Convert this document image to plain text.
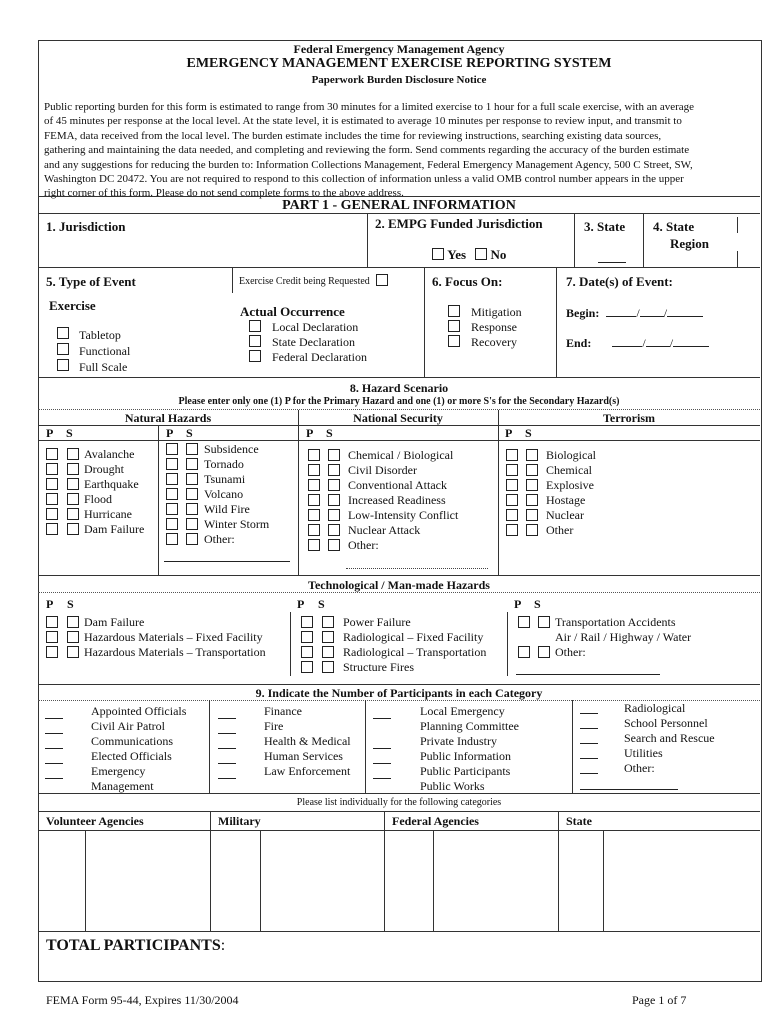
Federal Emergency Management Agency
EMERGENCY MANAGEMENT EXERCISE REPORTING SYSTEM
Paperwork Burden Disclosure Notice
Public reporting burden for this form is estimated to range from 30 minutes for a limited exercise to 1 hour for a full scale exercise, with an average
of 45 minutes per response at the local level. At the state level, it is estimated to average 10 minutes per response to review input, and transmit to
FEMA, data received from the local level. The burden estimate includes the time for reviewing instructions, searching existing data sources,
gathering and maintaining the data needed, and completing and reviewing the form. Send comments regarding the accuracy of the burden estimate
and any suggestions for reducing the burden to: Information Collections Management, Federal Emergency Management Agency, 500 C Street, SW,
Washington DC 20472. You are not required to respond to this collection of information unless a valid OMB control number appears in the upper
right corner of this form. Please do not send complete forms to the above address.
PART 1 - GENERAL INFORMATION
1. Jurisdiction	2. EMPG Funded Jurisdiction
Yes No
3. State 4. State
Region
5. Type of Event
Exercise
Tabletop
Functional
Full Scale
Exercise Credit being Requested
Actual Occurrence
Local Declaration
State Declaration
Federal Declaration
6. Focus On:
Mitigation
Response
Recovery
7. Date(s) of Event:
Begin:	/ /
End:	/ /
8. Hazard Scenario
Please enter only one (1) P for the Primary Hazard and one (1) or more S's for the Secondary Hazard(s)
Natural Hazards	National Security	Terrorism
P S	P S	P S	P S
Avalanche
Drought
Earthquake
Flood
Hurricane
Dam Failure
Subsidence
Tornado
Tsunami
Volcano
Wild Fire
Winter Storm
Other:
Chemical / Biological
Civil Disorder
Conventional Attack
Increased Readiness
Low-Intensity Conflict
Nuclear Attack
Other:
Biological
Chemical
Explosive
Hostage
Nuclear
Other
Technological / Man-made Hazards
P S	P S	P S
Dam Failure
Hazardous Materials – Fixed Facility
Hazardous Materials – Transportation
Power Failure
Radiological – Fixed Facility
Radiological – Transportation
Structure Fires
Transportation Accidents
Air / Rail / Highway / Water
Other:
9. Indicate the Number of Participants in each Category
Appointed Officials
Civil Air Patrol
Communications
Elected Officials
Emergency
Management
Finance
Fire
Health & Medical
Human Services
Law Enforcement
Local Emergency
Planning Committee
Private Industry
Public Information
Public Participants
Public Works
Radiological
School Personnel
Search and Rescue
Utilities
Other:
Please list individually for the following categories
Volunteer Agencies	Military	Federal Agencies	State
TOTAL PARTICIPANTS:
FEMA Form 95-44, Expires 11/30/2004	Page 1 of 7
